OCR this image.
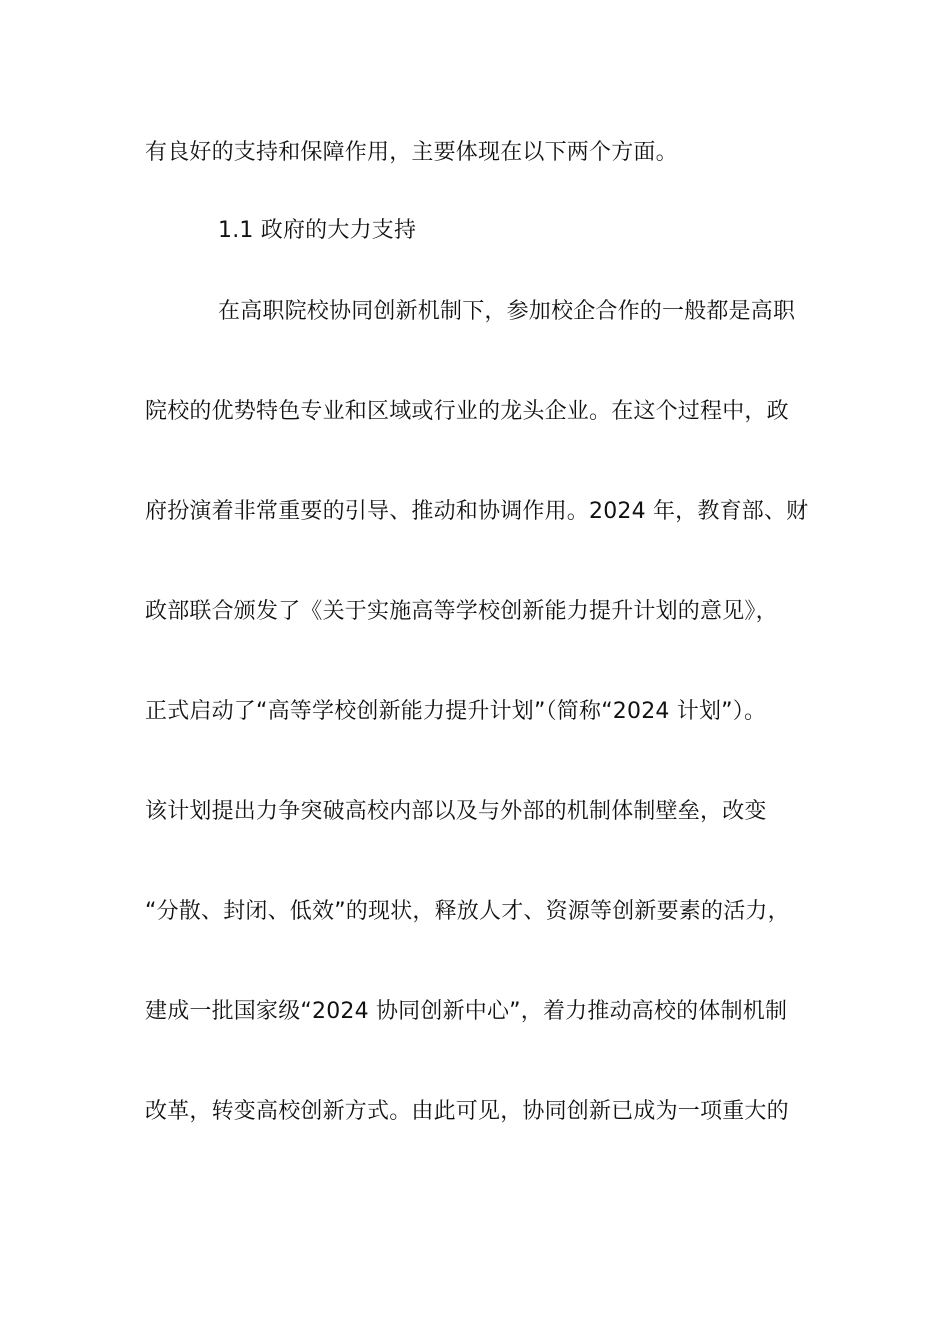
有良好的支持和保障作用，主要体现在以下两个方面。
1.1 政府的大力支持
在高职院校协同创新机制下，参加校企合作的一般都是高职
院校的优势特色专业和区域或行业的龙头企业。在这个过程中，政
府扮演着非常重要的引导、推动和协调作用。2024 年，教育部、财
政部联合颁发了《关于实施高等学校创新能力提升计划的意见》，
正式启动了“高等学校创新能力提升计划”（简称“2024 计划”）。
该计划提出力争突破高校内部以及与外部的机制体制壁垒，改变
“分散、封闭、低效”的现状，释放人才、资源等创新要素的活力，
建成一批国家级“2024 协同创新中心”，着力推动高校的体制机制
改革，转变高校创新方式。由此可见，协同创新已成为一项重大的
